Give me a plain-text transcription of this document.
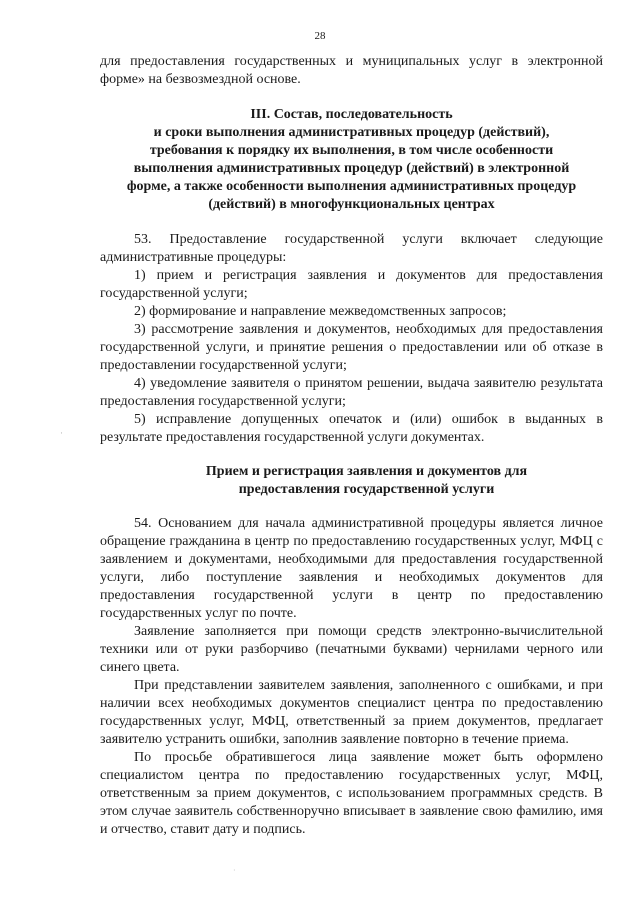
28
·
·

для предоставления государственных и муниципальных услуг в электронной форме» на безвозмездной основе.

III. Состав, последовательность
и сроки выполнения административных процедур (действий),
требования к порядку их выполнения, в том числе особенности
выполнения административных процедур (действий) в электронной
форме, а также особенности выполнения административных процедур
(действий) в многофункциональных центрах

53. Предоставление государственной услуги включает следующие административные процедуры:

1) прием и регистрация заявления и документов для предоставления государственной услуги;

2) формирование и направление межведомственных запросов;

3) рассмотрение заявления и документов, необходимых для предоставления государственной услуги, и принятие решения о предоставлении или об отказе в предоставлении государственной услуги;

4) уведомление заявителя о принятом решении, выдача заявителю результата предоставления государственной услуги;

5) исправление допущенных опечаток и (или) ошибок в выданных в результате предоставления государственной услуги документах.

Прием и регистрация заявления и документов для
предоставления государственной услуги

54. Основанием для начала административной процедуры является личное обращение гражданина в центр по предоставлению государственных услуг, МФЦ с заявлением и документами, необходимыми для предоставления государственной услуги, либо поступление заявления и необходимых документов для предоставления государственной услуги в центр по предоставлению государственных услуг по почте.

Заявление заполняется при помощи средств электронно-вычислительной техники или от руки разборчиво (печатными буквами) чернилами черного или синего цвета.

При представлении заявителем заявления, заполненного с ошибками, и при наличии всех необходимых документов специалист центра по предоставлению государственных услуг, МФЦ, ответственный за прием документов, предлагает заявителю устранить ошибки, заполнив заявление повторно в течение приема.

По просьбе обратившегося лица заявление может быть оформлено специалистом центра по предоставлению государственных услуг, МФЦ, ответственным за прием документов, с использованием программных средств. В этом случае заявитель собственноручно вписывает в заявление свою фамилию, имя и отчество, ставит дату и подпись.
